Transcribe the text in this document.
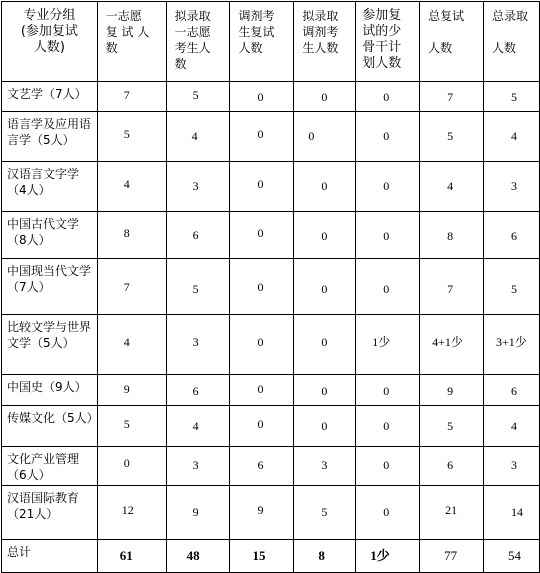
专业分组
(参加复试
人数)	一志愿
复 试 人
数	拟录取
一志愿
考生人
数	调剂考
生复试
人数	拟录取
调剂考
生人数	参加复
试的少
骨干计
划人数	总复试

人数	总录取

人数
文艺学（7人）	7	5	0	0	0	7	5

语言学及应用语言学（5人）	5	4	0	0	0	5	4

汉语言文字学（4人）	4	3	0	0	0	4	3

中国古代文学（8人）	8	6	0	0	0	8	6

中国现当代文学（7人）	7	5	0	0	0	7	5

比较文学与世界文学（5人）	4	3	0	0	1少	4+1少	3+1少

中国史（9人）	9	6	0	0	0	9	6

传媒文化（5人）	5	4	0	0	0	5	4

文化产业管理（6人）	0	3	6	3	0	6	3

汉语国际教育（21人）	12	9	9	5	0	21	14

总计	61	48	15	8	1少	77	54
